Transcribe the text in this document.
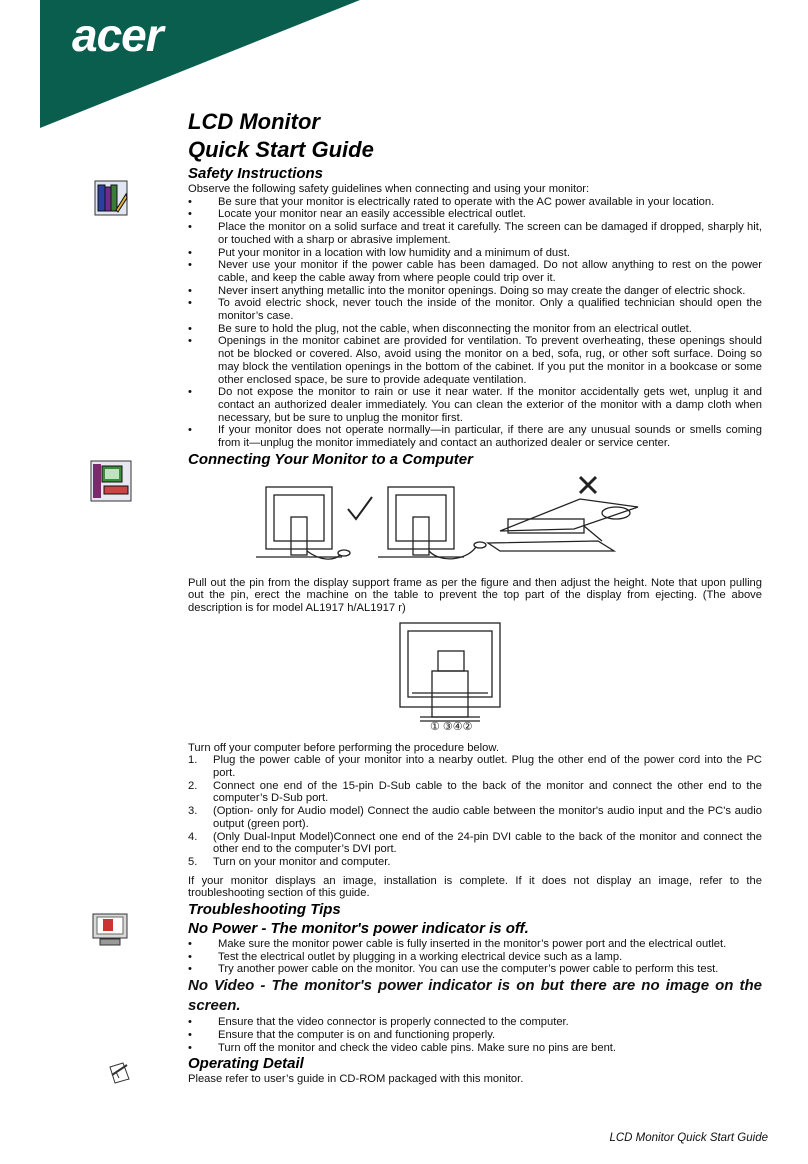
acer
LCD Monitor
Quick Start Guide
Safety Instructions

Observe the following safety guidelines when connecting and using your monitor:

• Be sure that your monitor is electrically rated to operate with the AC power available in your location.
• Locate your monitor near an easily accessible electrical outlet.
• Place the monitor on a solid surface and treat it carefully. The screen can be damaged if dropped, sharply hit, or touched with a sharp or abrasive implement.
• Put your monitor in a location with low humidity and a minimum of dust.
• Never use your monitor if the power cable has been damaged. Do not allow anything to rest on the power cable, and keep the cable away from where people could trip over it.
• Never insert anything metallic into the monitor openings. Doing so may create the danger of electric shock.
• To avoid electric shock, never touch the inside of the monitor. Only a qualified technician should open the monitor’s case.
• Be sure to hold the plug, not the cable, when disconnecting the monitor from an electrical outlet.
• Openings in the monitor cabinet are provided for ventilation. To prevent overheating, these openings should not be blocked or covered. Also, avoid using the monitor on a bed, sofa, rug, or other soft surface. Doing so may block the ventilation openings in the bottom of the cabinet. If you put the monitor in a bookcase or some other enclosed space, be sure to provide adequate ventilation.
• Do not expose the monitor to rain or use it near water. If the monitor accidentally gets wet, unplug it and contact an authorized dealer immediately. You can clean the exterior of the monitor with a damp cloth when necessary, but be sure to unplug the monitor first.
• If your monitor does not operate normally—in particular, if there are any unusual sounds or smells coming from it—unplug the monitor immediately and contact an authorized dealer or service center.
Connecting Your Monitor to a Computer

Pull out the pin from the display support frame as per the figure and then adjust the height. Note that upon pulling out the pin, erect the machine on the table to prevent the top part of the display from ejecting. (The above description is for model AL1917 h/AL1917 r)

① ③④②

Turn off your computer before performing the procedure below.

1. Plug the power cable of your monitor into a nearby outlet. Plug the other end of the power cord into the PC port.
2. Connect one end of the 15-pin D-Sub cable to the back of the monitor and connect the other end to the computer’s D-Sub port.
3. (Option- only for Audio model) Connect the audio cable between the monitor's audio input and the PC's audio output (green port).
4. (Only Dual-Input Model)Connect one end of the 24-pin DVI cable to the back of the monitor and connect the other end to the computer’s DVI port.
5. Turn on your monitor and computer.

If your monitor displays an image, installation is complete. If it does not display an image, refer to the troubleshooting section of this guide.

Troubleshooting Tips
No Power - The monitor's power indicator is off.
• Make sure the monitor power cable is fully inserted in the monitor’s power port and the electrical outlet.
• Test the electrical outlet by plugging in a working electrical device such as a lamp.
• Try another power cable on the monitor. You can use the computer’s power cable to perform this test.
No Video - The monitor's power indicator is on but there are no image on the screen.
• Ensure that the video connector is properly connected to the computer.
• Ensure that the computer is on and functioning properly.
• Turn off the monitor and check the video cable pins. Make sure no pins are bent.
Operating Detail

Please refer to user’s guide in CD-ROM packaged with this monitor.

LCD Monitor Quick Start Guide
